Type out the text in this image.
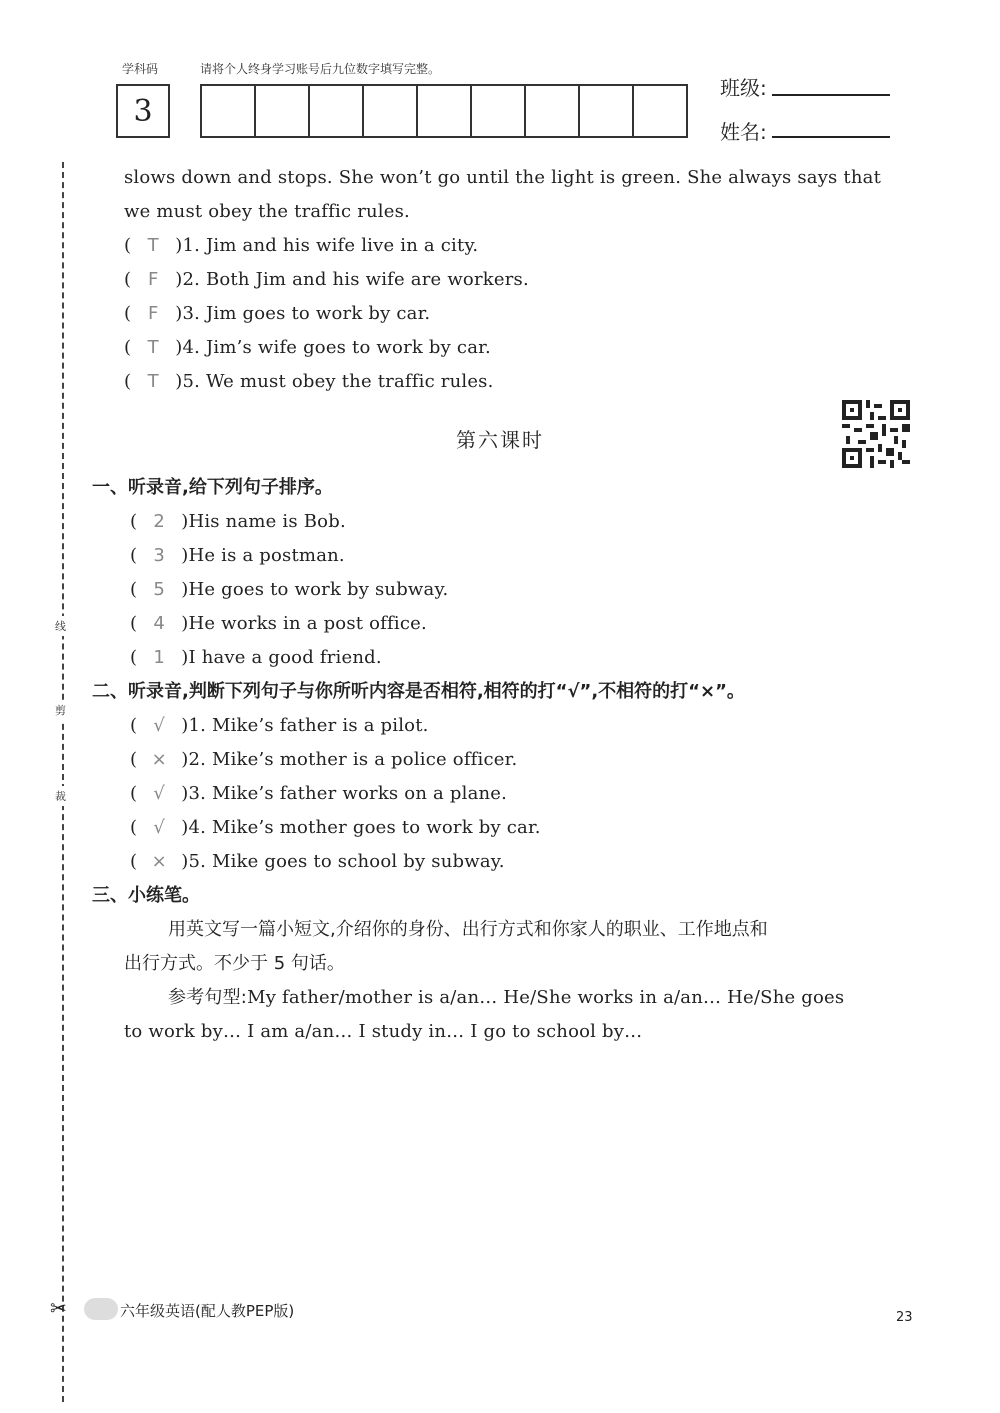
学科码	请将个人终身学习账号后九位数字填写完整。
3
班级:
姓名:
线
剪
裁
✂
slows down and stops. She won’t go until the light is green. She always says that
we must obey the traffic rules.
( T )1. Jim and his wife live in a city.
( F )2. Both Jim and his wife are workers.
( F )3. Jim goes to work by car.
( T )4. Jim’s wife goes to work by car.
( T )5. We must obey the traffic rules.
第六课时
一、听录音,给下列句子排序。
( 2 )His name is Bob.
( 3 )He is a postman.
( 5 )He goes to work by subway.
( 4 )He works in a post office.
( 1 )I have a good friend.
二、听录音,判断下列句子与你所听内容是否相符,相符的打“√”,不相符的打“×”。
( √ )1. Mike’s father is a pilot.
( × )2. Mike’s mother is a police officer.
( √ )3. Mike’s father works on a plane.
( √ )4. Mike’s mother goes to work by car.
( × )5. Mike goes to school by subway.
三、小练笔。
用英文写一篇小短文,介绍你的身份、出行方式和你家人的职业、工作地点和
出行方式。不少于 5 句话。
参考句型:My father/mother is a/an… He/She works in a/an… He/She goes
to work by… I am a/an… I study in… I go to school by…
六年级英语(配人教PEP版)	23
